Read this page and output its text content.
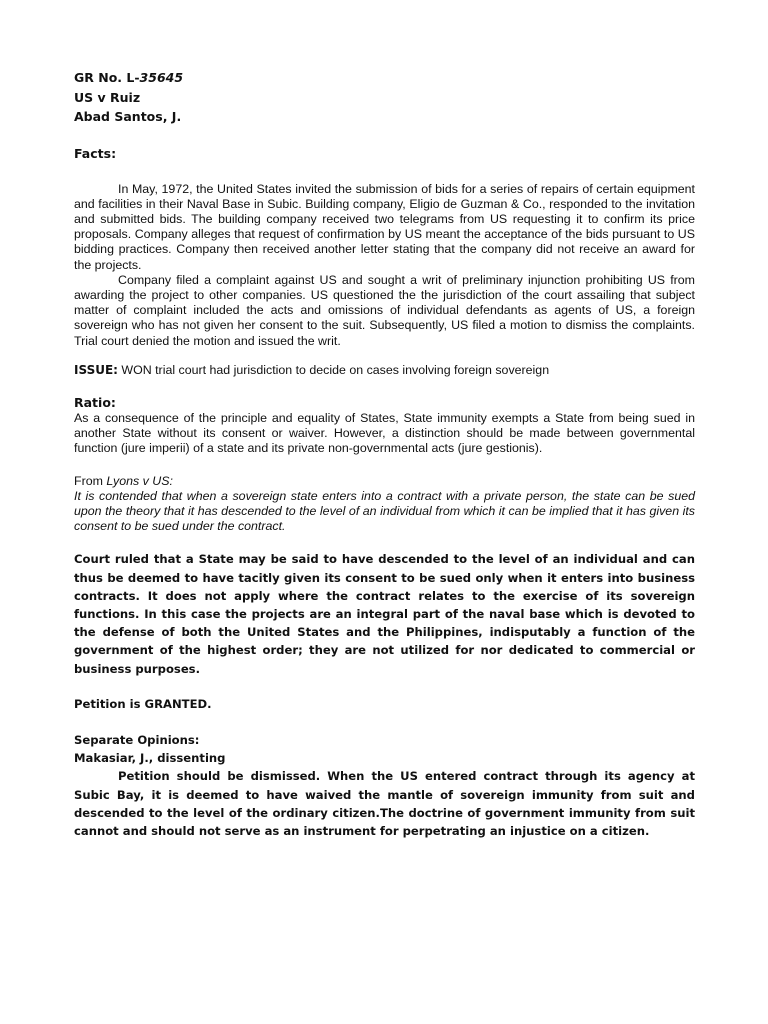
GR No. L-35645
US v Ruiz
Abad Santos, J.
Facts:

In May, 1972, the United States invited the submission of bids for a series of repairs of certain equipment and facilities in their Naval Base in Subic. Building company, Eligio de Guzman & Co., responded to the invitation and submitted bids. The building company received two telegrams from US requesting it to confirm its price proposals. Company alleges that request of confirmation by US meant the acceptance of the bids pursuant to US bidding practices. Company then received another letter stating that the company did not receive an award for the projects.

Company filed a complaint against US and sought a writ of preliminary injunction prohibiting US from awarding the project to other companies. US questioned the the jurisdiction of the court assailing that subject matter of complaint included the acts and omissions of individual defendants as agents of US, a foreign sovereign who has not given her consent to the suit. Subsequently, US filed a motion to dismiss the complaints. Trial court denied the motion and issued the writ.

ISSUE: WON trial court had jurisdiction to decide on cases involving foreign sovereign

Ratio:

As a consequence of the principle and equality of States, State immunity exempts a State from being sued in another State without its consent or waiver. However, a distinction should be made between governmental function (jure imperii) of a state and its private non-governmental acts (jure gestionis).

From Lyons v US:

It is contended that when a sovereign state enters into a contract with a private person, the state can be sued upon the theory that it has descended to the level of an individual from which it can be implied that it has given its consent to be sued under the contract.

Court ruled that a State may be said to have descended to the level of an individual and can thus be deemed to have tacitly given its consent to be sued only when it enters into business contracts. It does not apply where the contract relates to the exercise of its sovereign functions. In this case the projects are an integral part of the naval base which is devoted to the defense of both the United States and the Philippines, indisputably a function of the government of the highest order; they are not utilized for nor dedicated to commercial or business purposes.

Petition is GRANTED.

Separate Opinions:

Makasiar, J., dissenting

Petition should be dismissed. When the US entered contract through its agency at Subic Bay, it is deemed to have waived the mantle of sovereign immunity from suit and descended to the level of the ordinary citizen.The doctrine of government immunity from suit cannot and should not serve as an instrument for perpetrating an injustice on a citizen.
